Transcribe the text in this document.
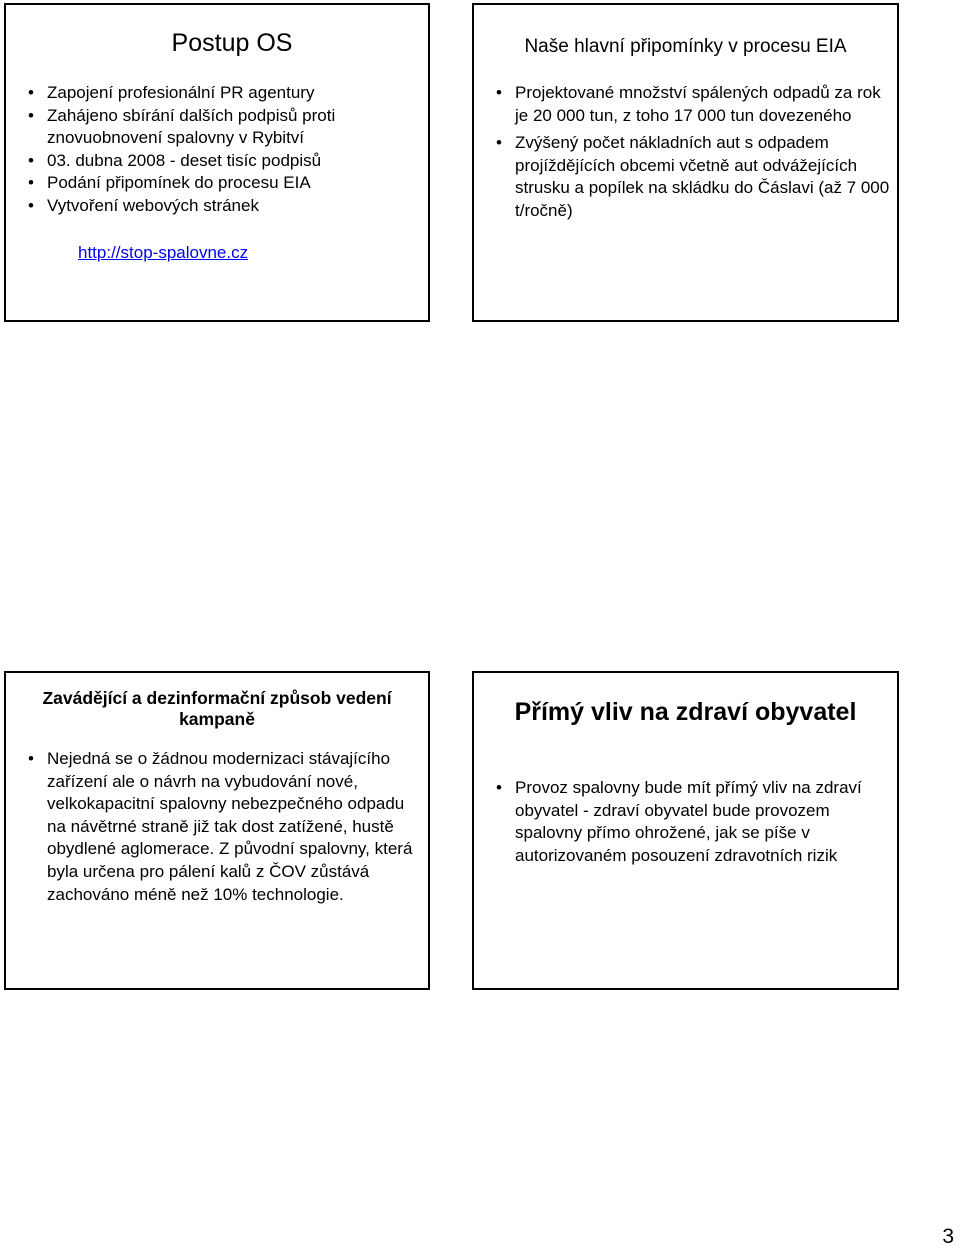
Postup OS
• Zapojení profesionální PR agentury
• Zahájeno sbírání dalších podpisů proti znovuobnovení spalovny v Rybitví
• 03. dubna 2008 - deset tisíc podpisů
• Podání připomínek do procesu EIA
• Vytvoření webových stránek
http://stop-spalovne.cz
Naše hlavní připomínky v procesu EIA
• Projektované množství spálených odpadů za rok je 20 000 tun, z toho 17 000 tun dovezeného
• Zvýšený počet nákladních aut s odpadem projíždějících obcemi včetně aut odvážejících strusku a popílek na skládku do Čáslavi (až 7 000 t/ročně)
Zavádějící a dezinformační způsob vedení kampaně
• Nejedná se o žádnou modernizaci stávajícího zařízení ale o návrh na vybudování nové, velkokapacitní spalovny nebezpečného odpadu na návětrné straně již tak dost zatížené, hustě obydlené aglomerace. Z původní spalovny, která byla určena pro pálení kalů z ČOV zůstává zachováno méně než 10% technologie.
Přímý vliv na zdraví obyvatel
• Provoz spalovny bude mít přímý vliv na zdraví obyvatel - zdraví obyvatel bude provozem spalovny přímo ohrožené, jak se píše v autorizovaném posouzení zdravotních rizik
3
